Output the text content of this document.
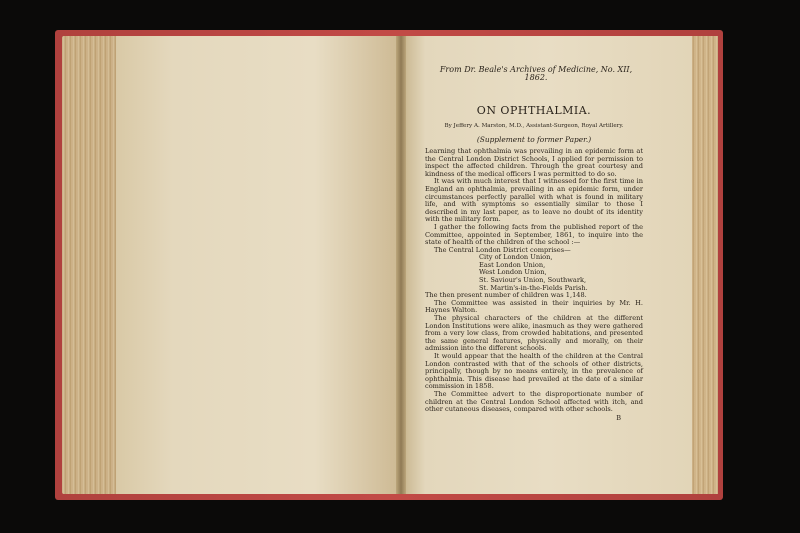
From Dr. Beale's Archives of Medicine, No. XII, 1862.
ON OPHTHALMIA.
By Jeffery A. Marston, M.D., Assistant-Surgeon, Royal Artillery.
(Supplement to former Paper.)

Learning that ophthalmia was prevailing in an epidemic form at the Central London District Schools, I applied for permission to inspect the affected children. Through the great courtesy and kindness of the medical officers I was permitted to do so.

It was with much interest that I witnessed for the first time in England an ophthalmia, prevailing in an epidemic form, under circumstances perfectly parallel with what is found in military life, and with symptoms so essentially similar to those I described in my last paper, as to leave no doubt of its identity with the military form.

I gather the following facts from the published report of the Committee, appointed in September, 1861, to inquire into the state of health of the children of the school :—

The Central London District comprises—

City of London Union,
East London Union,
West London Union,
St. Saviour's Union, Southwark,
St. Martin's-in-the-Fields Parish.

The then present number of children was 1,148.

The Committee was assisted in their inquiries by Mr. H. Haynes Walton.

The physical characters of the children at the different London Institutions were alike, inasmuch as they were gathered from a very low class, from crowded habitations, and presented the same general features, physically and morally, on their admission into the different schools.

It would appear that the health of the children at the Central London contrasted with that of the schools of other districts, principally, though by no means entirely, in the prevalence of ophthalmia. This disease had prevailed at the date of a similar commission in 1858.

The Committee advert to the disproportionate number of children at the Central London School affected with itch, and other cutaneous diseases, compared with other schools.

B
